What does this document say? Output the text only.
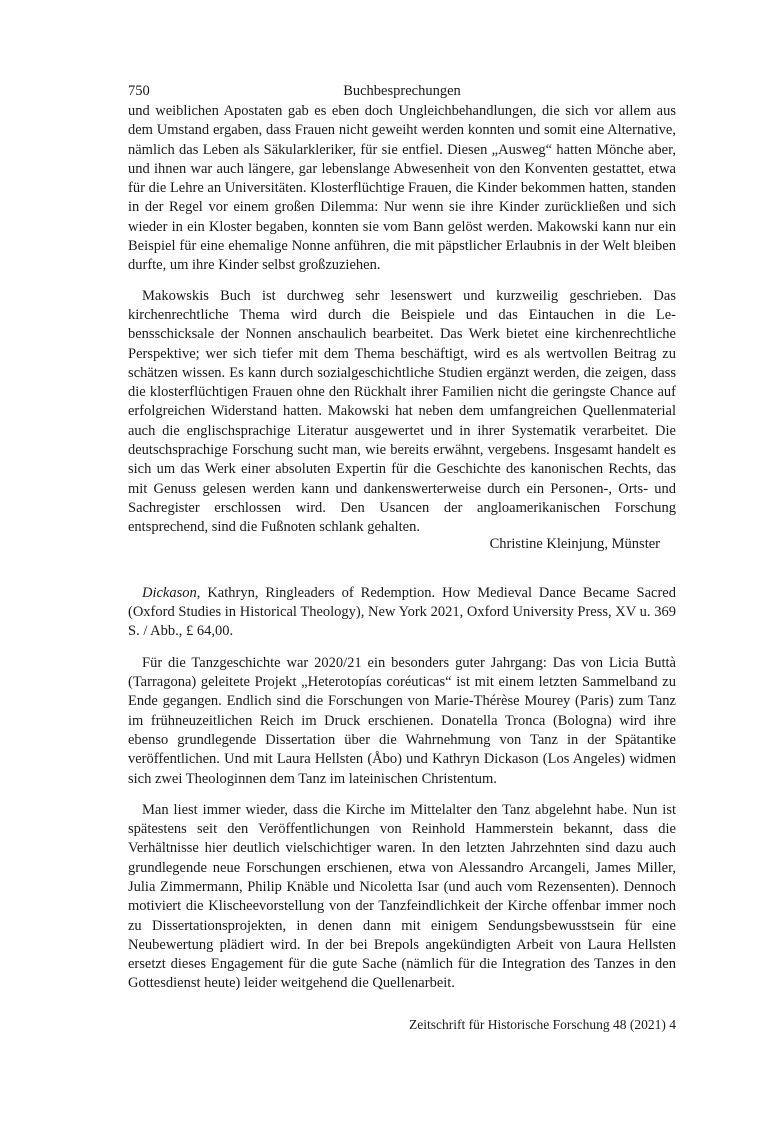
750	Buchbesprechungen

und weiblichen Apostaten gab es eben doch Ungleichbehandlungen, die sich vor allem aus dem Umstand ergaben, dass Frauen nicht geweiht werden konnten und somit eine Alternative, nämlich das Leben als Säkularkleriker, für sie entfiel. Diesen „Ausweg“ hatten Mönche aber, und ihnen war auch längere, gar lebenslange Abwesenheit von den Konventen gestattet, etwa für die Lehre an Universitäten. Klosterflüchtige Frauen, die Kinder bekommen hatten, standen in der Regel vor einem großen Dilemma: Nur wenn sie ihre Kinder zurückließen und sich wieder in ein Kloster begaben, konnten sie vom Bann gelöst werden. Makowski kann nur ein Beispiel für eine ehemalige Nonne anführen, die mit päpstlicher Erlaubnis in der Welt bleiben durfte, um ihre Kinder selbst großzuziehen.

Makowskis Buch ist durchweg sehr lesenswert und kurzweilig geschrieben. Das kirchenrechtliche Thema wird durch die Beispiele und das Eintauchen in die Lebensschicksale der Nonnen anschaulich bearbeitet. Das Werk bietet eine kirchenrechtliche Perspektive; wer sich tiefer mit dem Thema beschäftigt, wird es als wertvollen Beitrag zu schätzen wissen. Es kann durch sozialgeschichtliche Studien ergänzt werden, die zeigen, dass die klosterflüchtigen Frauen ohne den Rückhalt ihrer Familien nicht die geringste Chance auf erfolgreichen Widerstand hatten. Makowski hat neben dem umfangreichen Quellenmaterial auch die englischsprachige Literatur ausgewertet und in ihrer Systematik verarbeitet. Die deutschsprachige Forschung sucht man, wie bereits erwähnt, vergebens. Insgesamt handelt es sich um das Werk einer absoluten Expertin für die Geschichte des kanonischen Rechts, das mit Genuss gelesen werden kann und dankenswerterweise durch ein Personen-, Orts- und Sachregister erschlossen wird. Den Usancen der angloamerikanischen Forschung entsprechend, sind die Fußnoten schlank gehalten.

Christine Kleinjung, Münster
Dickason, Kathryn, Ringleaders of Redemption. How Medieval Dance Became Sacred (Oxford Studies in Historical Theology), New York 2021, Oxford University Press, XV u. 369 S. / Abb., £ 64,00.

Für die Tanzgeschichte war 2020/21 ein besonders guter Jahrgang: Das von Licia Buttà (Tarragona) geleitete Projekt „Heterotopías coréuticas“ ist mit einem letzten Sammelband zu Ende gegangen. Endlich sind die Forschungen von Marie-Thérèse Mourey (Paris) zum Tanz im frühneuzeitlichen Reich im Druck erschienen. Donatella Tronca (Bologna) wird ihre ebenso grundlegende Dissertation über die Wahrnehmung von Tanz in der Spätantike veröffentlichen. Und mit Laura Hellsten (Åbo) und Kathryn Dickason (Los Angeles) widmen sich zwei Theologinnen dem Tanz im lateinischen Christentum.

Man liest immer wieder, dass die Kirche im Mittelalter den Tanz abgelehnt habe. Nun ist spätestens seit den Veröffentlichungen von Reinhold Hammerstein bekannt, dass die Verhältnisse hier deutlich vielschichtiger waren. In den letzten Jahrzehnten sind dazu auch grundlegende neue Forschungen erschienen, etwa von Alessandro Arcangeli, James Miller, Julia Zimmermann, Philip Knäble und Nicoletta Isar (und auch vom Rezensenten). Dennoch motiviert die Klischeevorstellung von der Tanzfeindlichkeit der Kirche offenbar immer noch zu Dissertationsprojekten, in denen dann mit einigem Sendungsbewusstsein für eine Neubewertung plädiert wird. In der bei Brepols angekündigten Arbeit von Laura Hellsten ersetzt dieses Engagement für die gute Sache (nämlich für die Integration des Tanzes in den Gottesdienst heute) leider weitgehend die Quellenarbeit.

Zeitschrift für Historische Forschung 48 (2021) 4
